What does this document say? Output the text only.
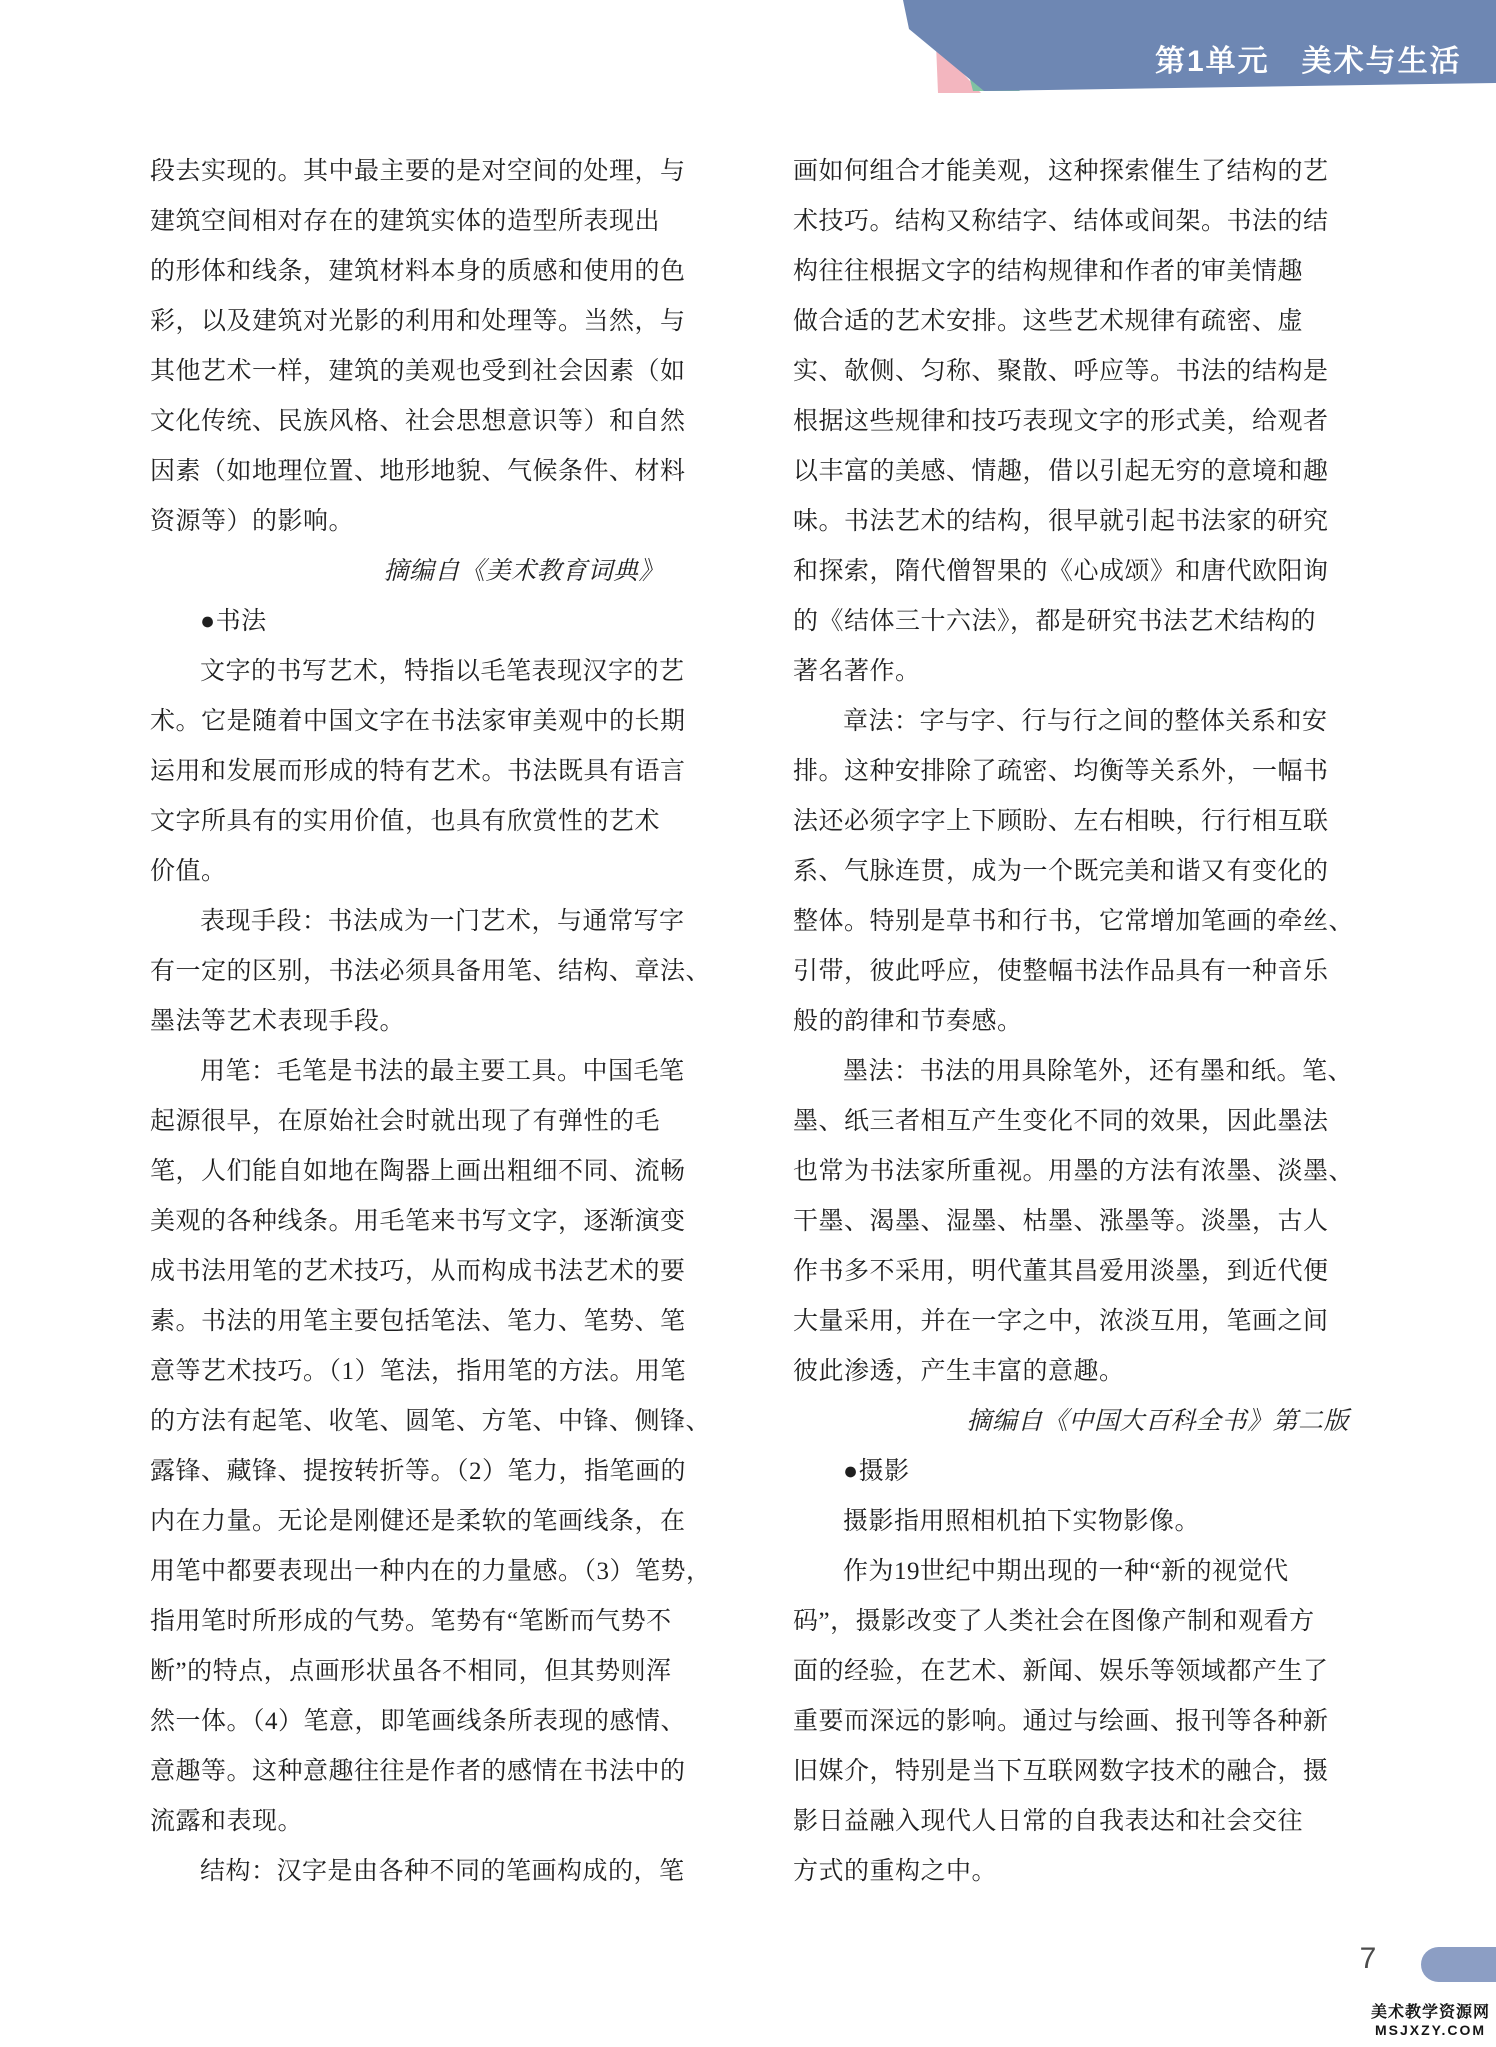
第1单元　美术与生活
段去实现的。其中最主要的是对空间的处理，与
建筑空间相对存在的建筑实体的造型所表现出
的形体和线条，建筑材料本身的质感和使用的色
彩，以及建筑对光影的利用和处理等。当然，与
其他艺术一样，建筑的美观也受到社会因素（如
文化传统、民族风格、社会思想意识等）和自然
因素（如地理位置、地形地貌、气候条件、材料
资源等）的影响。
摘编自《美术教育词典》
●书法
文字的书写艺术，特指以毛笔表现汉字的艺
术。它是随着中国文字在书法家审美观中的长期
运用和发展而形成的特有艺术。书法既具有语言
文字所具有的实用价值，也具有欣赏性的艺术
价值。
表现手段：书法成为一门艺术，与通常写字
有一定的区别，书法必须具备用笔、结构、章法、
墨法等艺术表现手段。
用笔：毛笔是书法的最主要工具。中国毛笔
起源很早，在原始社会时就出现了有弹性的毛
笔，人们能自如地在陶器上画出粗细不同、流畅
美观的各种线条。用毛笔来书写文字，逐渐演变
成书法用笔的艺术技巧，从而构成书法艺术的要
素。书法的用笔主要包括笔法、笔力、笔势、笔
意等艺术技巧。（1）笔法，指用笔的方法。用笔
的方法有起笔、收笔、圆笔、方笔、中锋、侧锋、
露锋、藏锋、提按转折等。（2）笔力，指笔画的
内在力量。无论是刚健还是柔软的笔画线条，在
用笔中都要表现出一种内在的力量感。（3）笔势，
指用笔时所形成的气势。笔势有“笔断而气势不
断”的特点，点画形状虽各不相同，但其势则浑
然一体。（4）笔意，即笔画线条所表现的感情、
意趣等。这种意趣往往是作者的感情在书法中的
流露和表现。
结构：汉字是由各种不同的笔画构成的，笔
画如何组合才能美观，这种探索催生了结构的艺
术技巧。结构又称结字、结体或间架。书法的结
构往往根据文字的结构规律和作者的审美情趣
做合适的艺术安排。这些艺术规律有疏密、虚
实、欹侧、匀称、聚散、呼应等。书法的结构是
根据这些规律和技巧表现文字的形式美，给观者
以丰富的美感、情趣，借以引起无穷的意境和趣
味。书法艺术的结构，很早就引起书法家的研究
和探索，隋代僧智果的《心成颂》和唐代欧阳询
的《结体三十六法》，都是研究书法艺术结构的
著名著作。
章法：字与字、行与行之间的整体关系和安
排。这种安排除了疏密、均衡等关系外，一幅书
法还必须字字上下顾盼、左右相映，行行相互联
系、气脉连贯，成为一个既完美和谐又有变化的
整体。特别是草书和行书，它常增加笔画的牵丝、
引带，彼此呼应，使整幅书法作品具有一种音乐
般的韵律和节奏感。
墨法：书法的用具除笔外，还有墨和纸。笔、
墨、纸三者相互产生变化不同的效果，因此墨法
也常为书法家所重视。用墨的方法有浓墨、淡墨、
干墨、渴墨、湿墨、枯墨、涨墨等。淡墨，古人
作书多不采用，明代董其昌爱用淡墨，到近代便
大量采用，并在一字之中，浓淡互用，笔画之间
彼此渗透，产生丰富的意趣。
摘编自《中国大百科全书》第二版
●摄影
摄影指用照相机拍下实物影像。
作为19世纪中期出现的一种“新的视觉代
码”，摄影改变了人类社会在图像产制和观看方
面的经验，在艺术、新闻、娱乐等领域都产生了
重要而深远的影响。通过与绘画、报刊等各种新
旧媒介，特别是当下互联网数字技术的融合，摄
影日益融入现代人日常的自我表达和社会交往
方式的重构之中。
7
美术教学资源网
MSJXZY.COM
